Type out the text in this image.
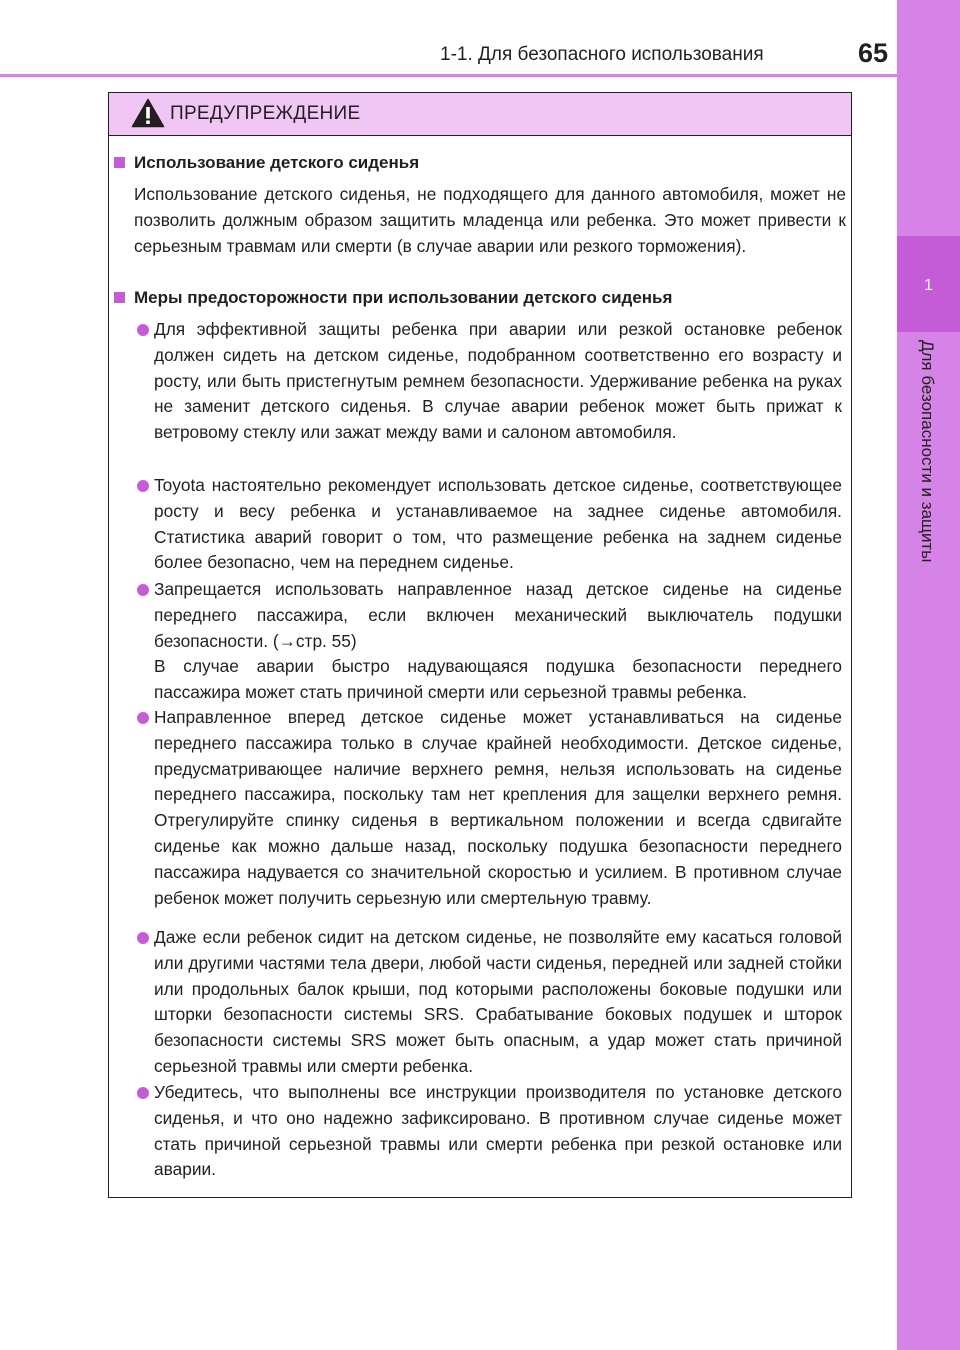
1-1. Для безопасного использования	65
1
Для безопасности и защиты
ПРЕДУПРЕЖДЕНИЕ
Использование детского сиденья
Использование детского сиденья, не подходящего для данного автомобиля, может не позволить должным образом защитить младенца или ребенка. Это может привести к серьезным травмам или смерти (в случае аварии или резкого торможения).
Меры предосторожности при использовании детского сиденья
Для эффективной защиты ребенка при аварии или резкой остановке ребенок должен сидеть на детском сиденье, подобранном соответственно его возрасту и росту, или быть пристегнутым ремнем безопасности. Удерживание ребенка на руках не заменит детского сиденья. В случае аварии ребенок может быть прижат к ветровому стеклу или зажат между вами и салоном автомобиля.
Toyota настоятельно рекомендует использовать детское сиденье, соответствующее росту и весу ребенка и устанавливаемое на заднее сиденье автомобиля. Статистика аварий говорит о том, что размещение ребенка на заднем сиденье более безопасно, чем на переднем сиденье.

Запрещается использовать направленное назад детское сиденье на сиденье переднего пассажира, если включен механический выключатель подушки безопасности. (→стр. 55)

В случае аварии быстро надувающаяся подушка безопасности переднего пассажира может стать причиной смерти или серьезной травмы ребенка.

Направленное вперед детское сиденье может устанавливаться на сиденье переднего пассажира только в случае крайней необходимости. Детское сиденье, предусматривающее наличие верхнего ремня, нельзя использовать на сиденье переднего пассажира, поскольку там нет крепления для защелки верхнего ремня. Отрегулируйте спинку сиденья в вертикальном положении и всегда сдвигайте сиденье как можно дальше назад, поскольку подушка безопасности переднего пассажира надувается со значительной скоростью и усилием. В противном случае ребенок может получить серьезную или смертельную травму.
Даже если ребенок сидит на детском сиденье, не позволяйте ему касаться головой или другими частями тела двери, любой части сиденья, передней или задней стойки или продольных балок крыши, под которыми расположены боковые подушки или шторки безопасности системы SRS. Срабатывание боковых подушек и шторок безопасности системы SRS может быть опасным, а удар может стать причиной серьезной травмы или смерти ребенка.
Убедитесь, что выполнены все инструкции производителя по установке детского сиденья, и что оно надежно зафиксировано. В противном случае сиденье может стать причиной серьезной травмы или смерти ребенка при резкой остановке или аварии.
